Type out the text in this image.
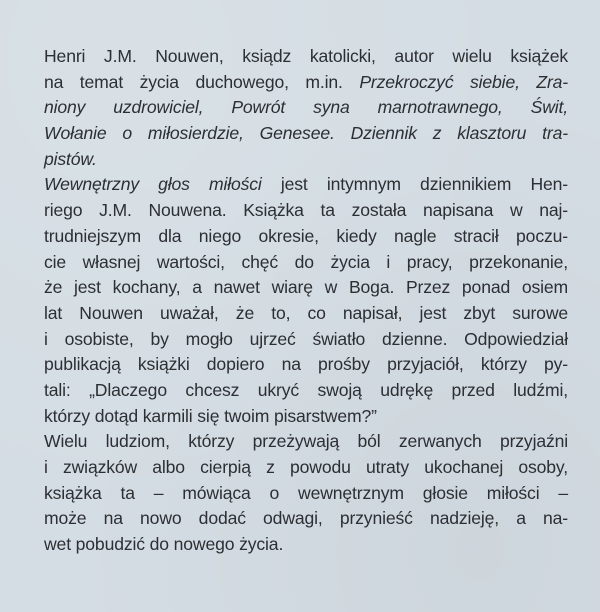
Henri J.M. Nouwen, ksiądz katolicki, autor wielu książek
na temat życia duchowego, m.in. Przekroczyć siebie, Zra-
niony uzdrowiciel, Powrót syna marnotrawnego, Świt,
Wołanie o miłosierdzie, Genesee. Dziennik z klasztoru tra-
pistów.
Wewnętrzny głos miłości jest intymnym dziennikiem Hen-
riego J.M. Nouwena. Książka ta została napisana w naj-
trudniejszym dla niego okresie, kiedy nagle stracił poczu-
cie własnej wartości, chęć do życia i pracy, przekonanie,
że jest kochany, a nawet wiarę w Boga. Przez ponad osiem
lat Nouwen uważał, że to, co napisał, jest zbyt surowe
i osobiste, by mogło ujrzeć światło dzienne. Odpowiedział
publikacją książki dopiero na prośby przyjaciół, którzy py-
tali: „Dlaczego chcesz ukryć swoją udrękę przed ludźmi,
którzy dotąd karmili się twoim pisarstwem?”
Wielu ludziom, którzy przeżywają ból zerwanych przyjaźni
i związków albo cierpią z powodu utraty ukochanej osoby,
książka ta – mówiąca o wewnętrznym głosie miłości –
może na nowo dodać odwagi, przynieść nadzieję, a na-
wet pobudzić do nowego życia.
